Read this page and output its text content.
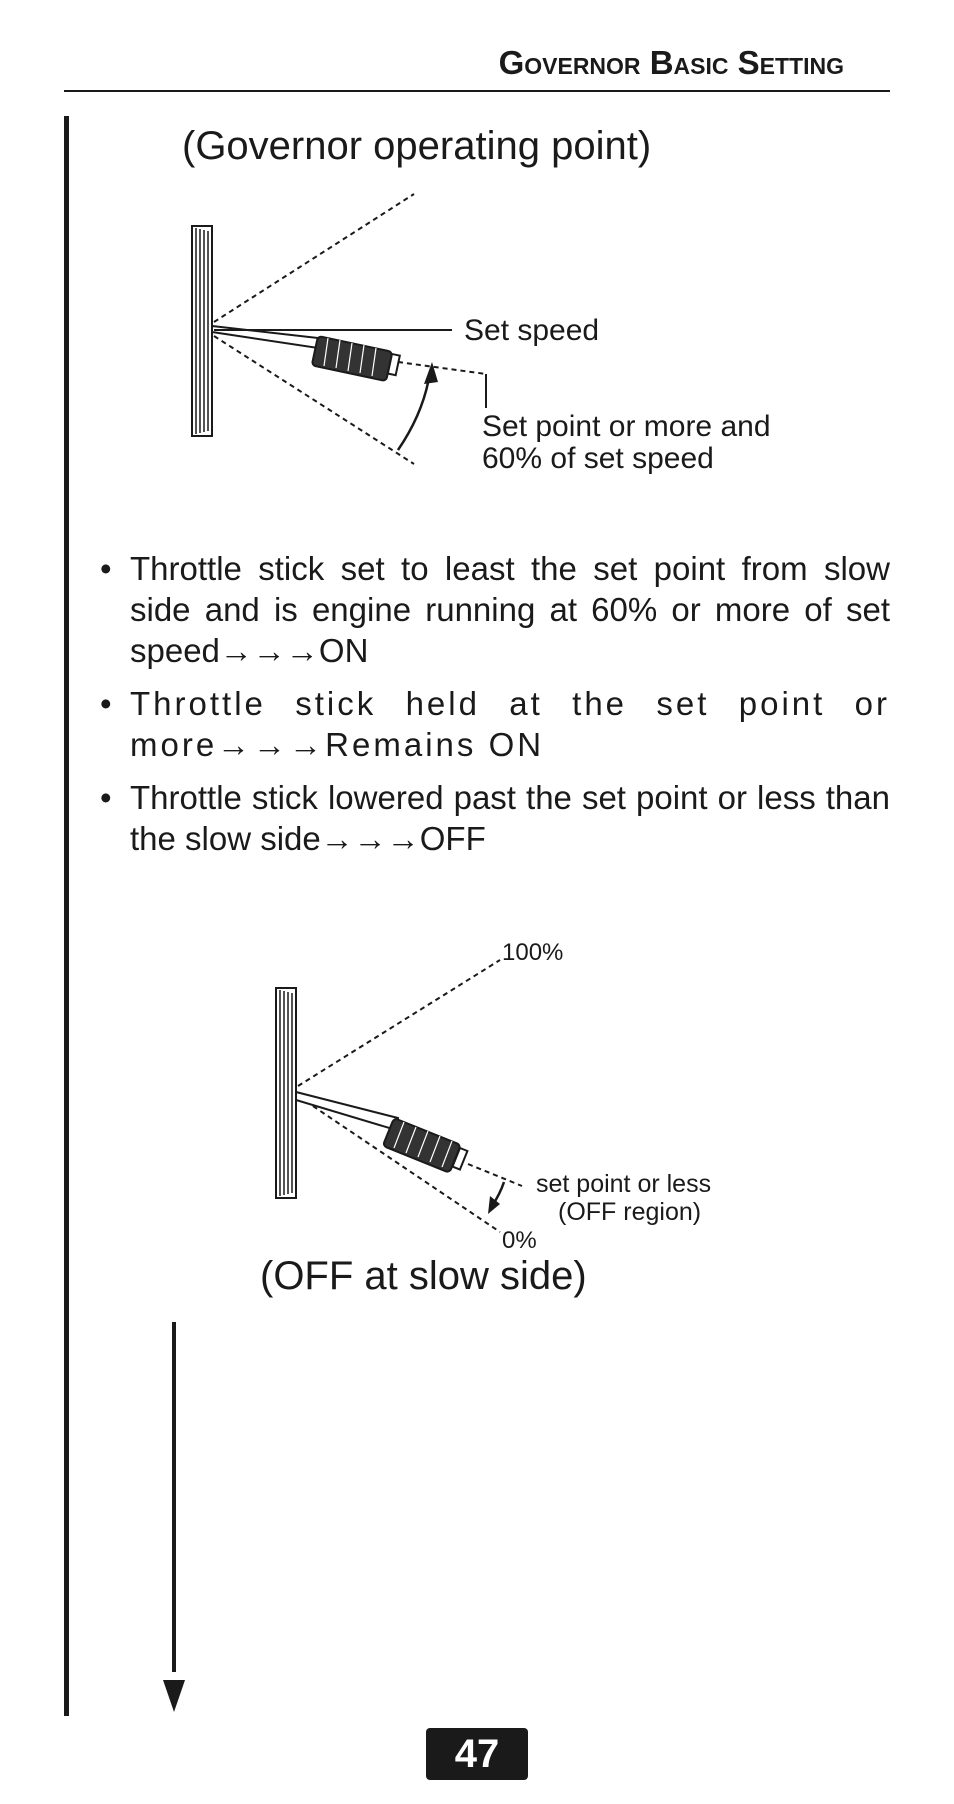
Governor Basic Setting
(Governor operating point)
Set speed
Set point or more and
60% of set speed
• Throttle stick set to least the set point from slow side and is engine running at 60% or more of set speed→→→ON
• Throttle stick held at the set point or more→→→Remains ON
• Throttle stick lowered past the set point or less than the slow side→→→OFF
100%
0%
set point or less
(OFF region)
(OFF at slow side)
47
